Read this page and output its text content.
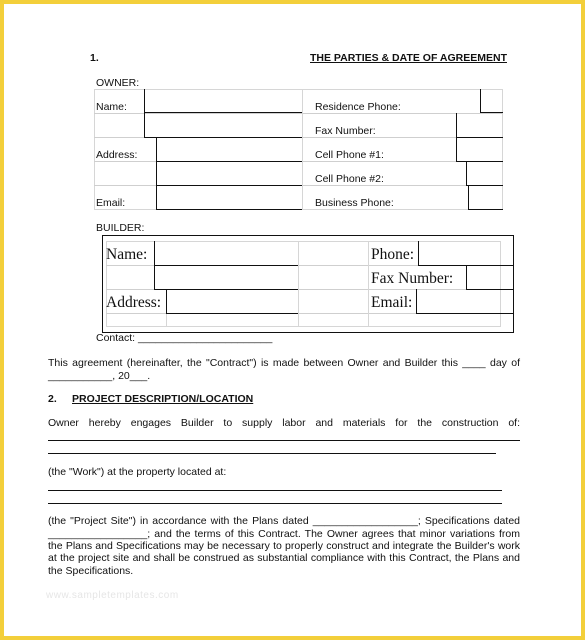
1.	THE PARTIES & DATE OF AGREEMENT
OWNER:
Name:
Address:
Email:
Residence Phone:
Fax Number:
Cell Phone #1:
Cell Phone #2:
Business Phone:
BUILDER:
Name:
Address:
Phone:
Fax Number:
Email:
Contact: _______________________
This agreement (hereinafter, the "Contract") is made between Owner and Builder this ____ day of
___________, 20___.
2. PROJECT DESCRIPTION/LOCATION
Owner hereby engages Builder to supply labor and materials for the construction of:
(the "Work") at the property located at:
(the "Project Site") in accordance with the Plans dated __________________; Specifications dated
_________________; and the terms of this Contract. The Owner agrees that minor variations from
the Plans and Specifications may be necessary to properly construct and integrate the Builder's work
at the project site and shall be construed as substantial compliance with this Contract, the Plans and
the Specifications.
www.sampletemplates.com
